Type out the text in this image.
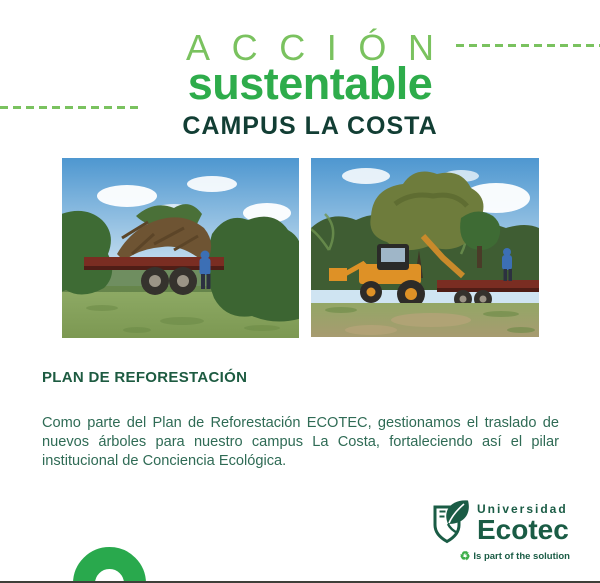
ACCIÓN
sustentable
CAMPUS LA COSTA
PLAN DE REFORESTACIÓN

Como parte del Plan de Reforestación ECOTEC, gestionamos el traslado de nuevos árboles para nuestro campus La Costa, fortaleciendo así el pilar institucional de Conciencia Ecológica.

Universidad
Ecotec
♻ Is part of the solution
